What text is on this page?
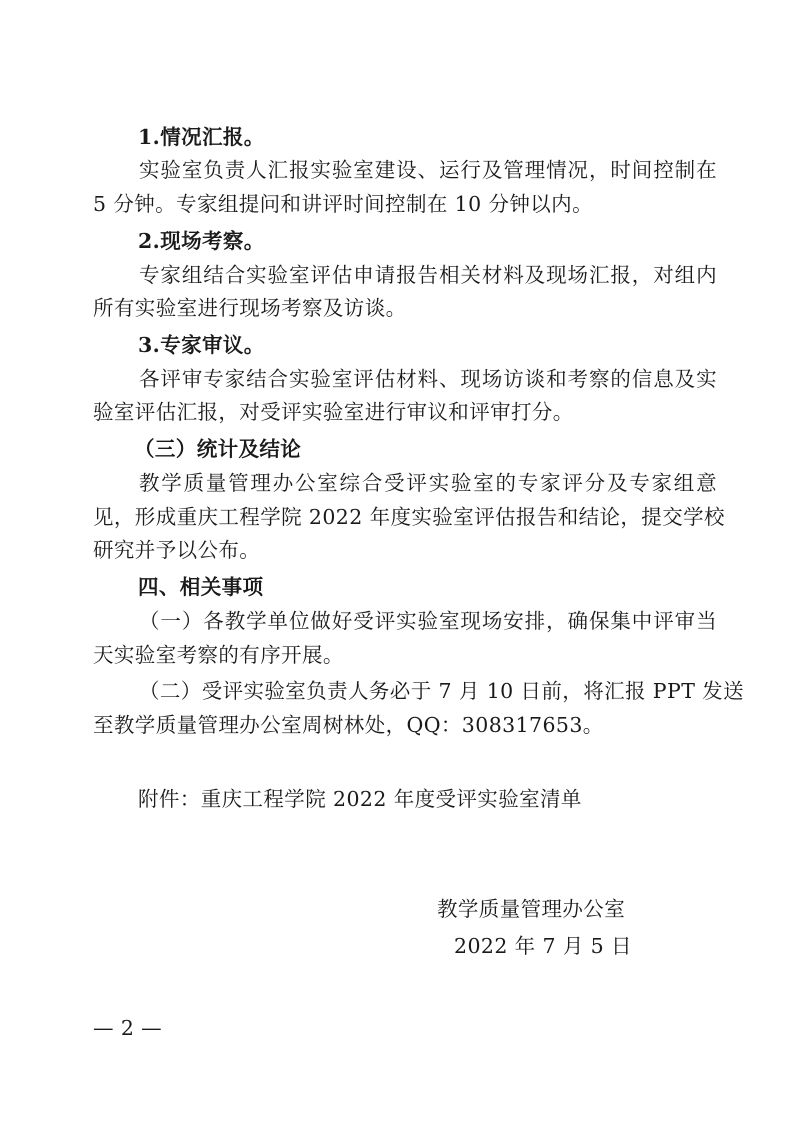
1.情况汇报。
实验室负责人汇报实验室建设、运行及管理情况，时间控制在
5 分钟。专家组提问和讲评时间控制在 10 分钟以内。
2.现场考察。
专家组结合实验室评估申请报告相关材料及现场汇报，对组内
所有实验室进行现场考察及访谈。
3.专家审议。
各评审专家结合实验室评估材料、现场访谈和考察的信息及实
验室评估汇报，对受评实验室进行审议和评审打分。
（三）统计及结论
教学质量管理办公室综合受评实验室的专家评分及专家组意
见，形成重庆工程学院 2022 年度实验室评估报告和结论，提交学校
研究并予以公布。
四、相关事项
（一）各教学单位做好受评实验室现场安排，确保集中评审当
天实验室考察的有序开展。
（二）受评实验室负责人务必于 7 月 10 日前，将汇报 PPT 发送
至教学质量管理办公室周树林处，QQ：308317653。
附件：重庆工程学院 2022 年度受评实验室清单
教学质量管理办公室
2022 年 7 月 5 日
— 2 —
